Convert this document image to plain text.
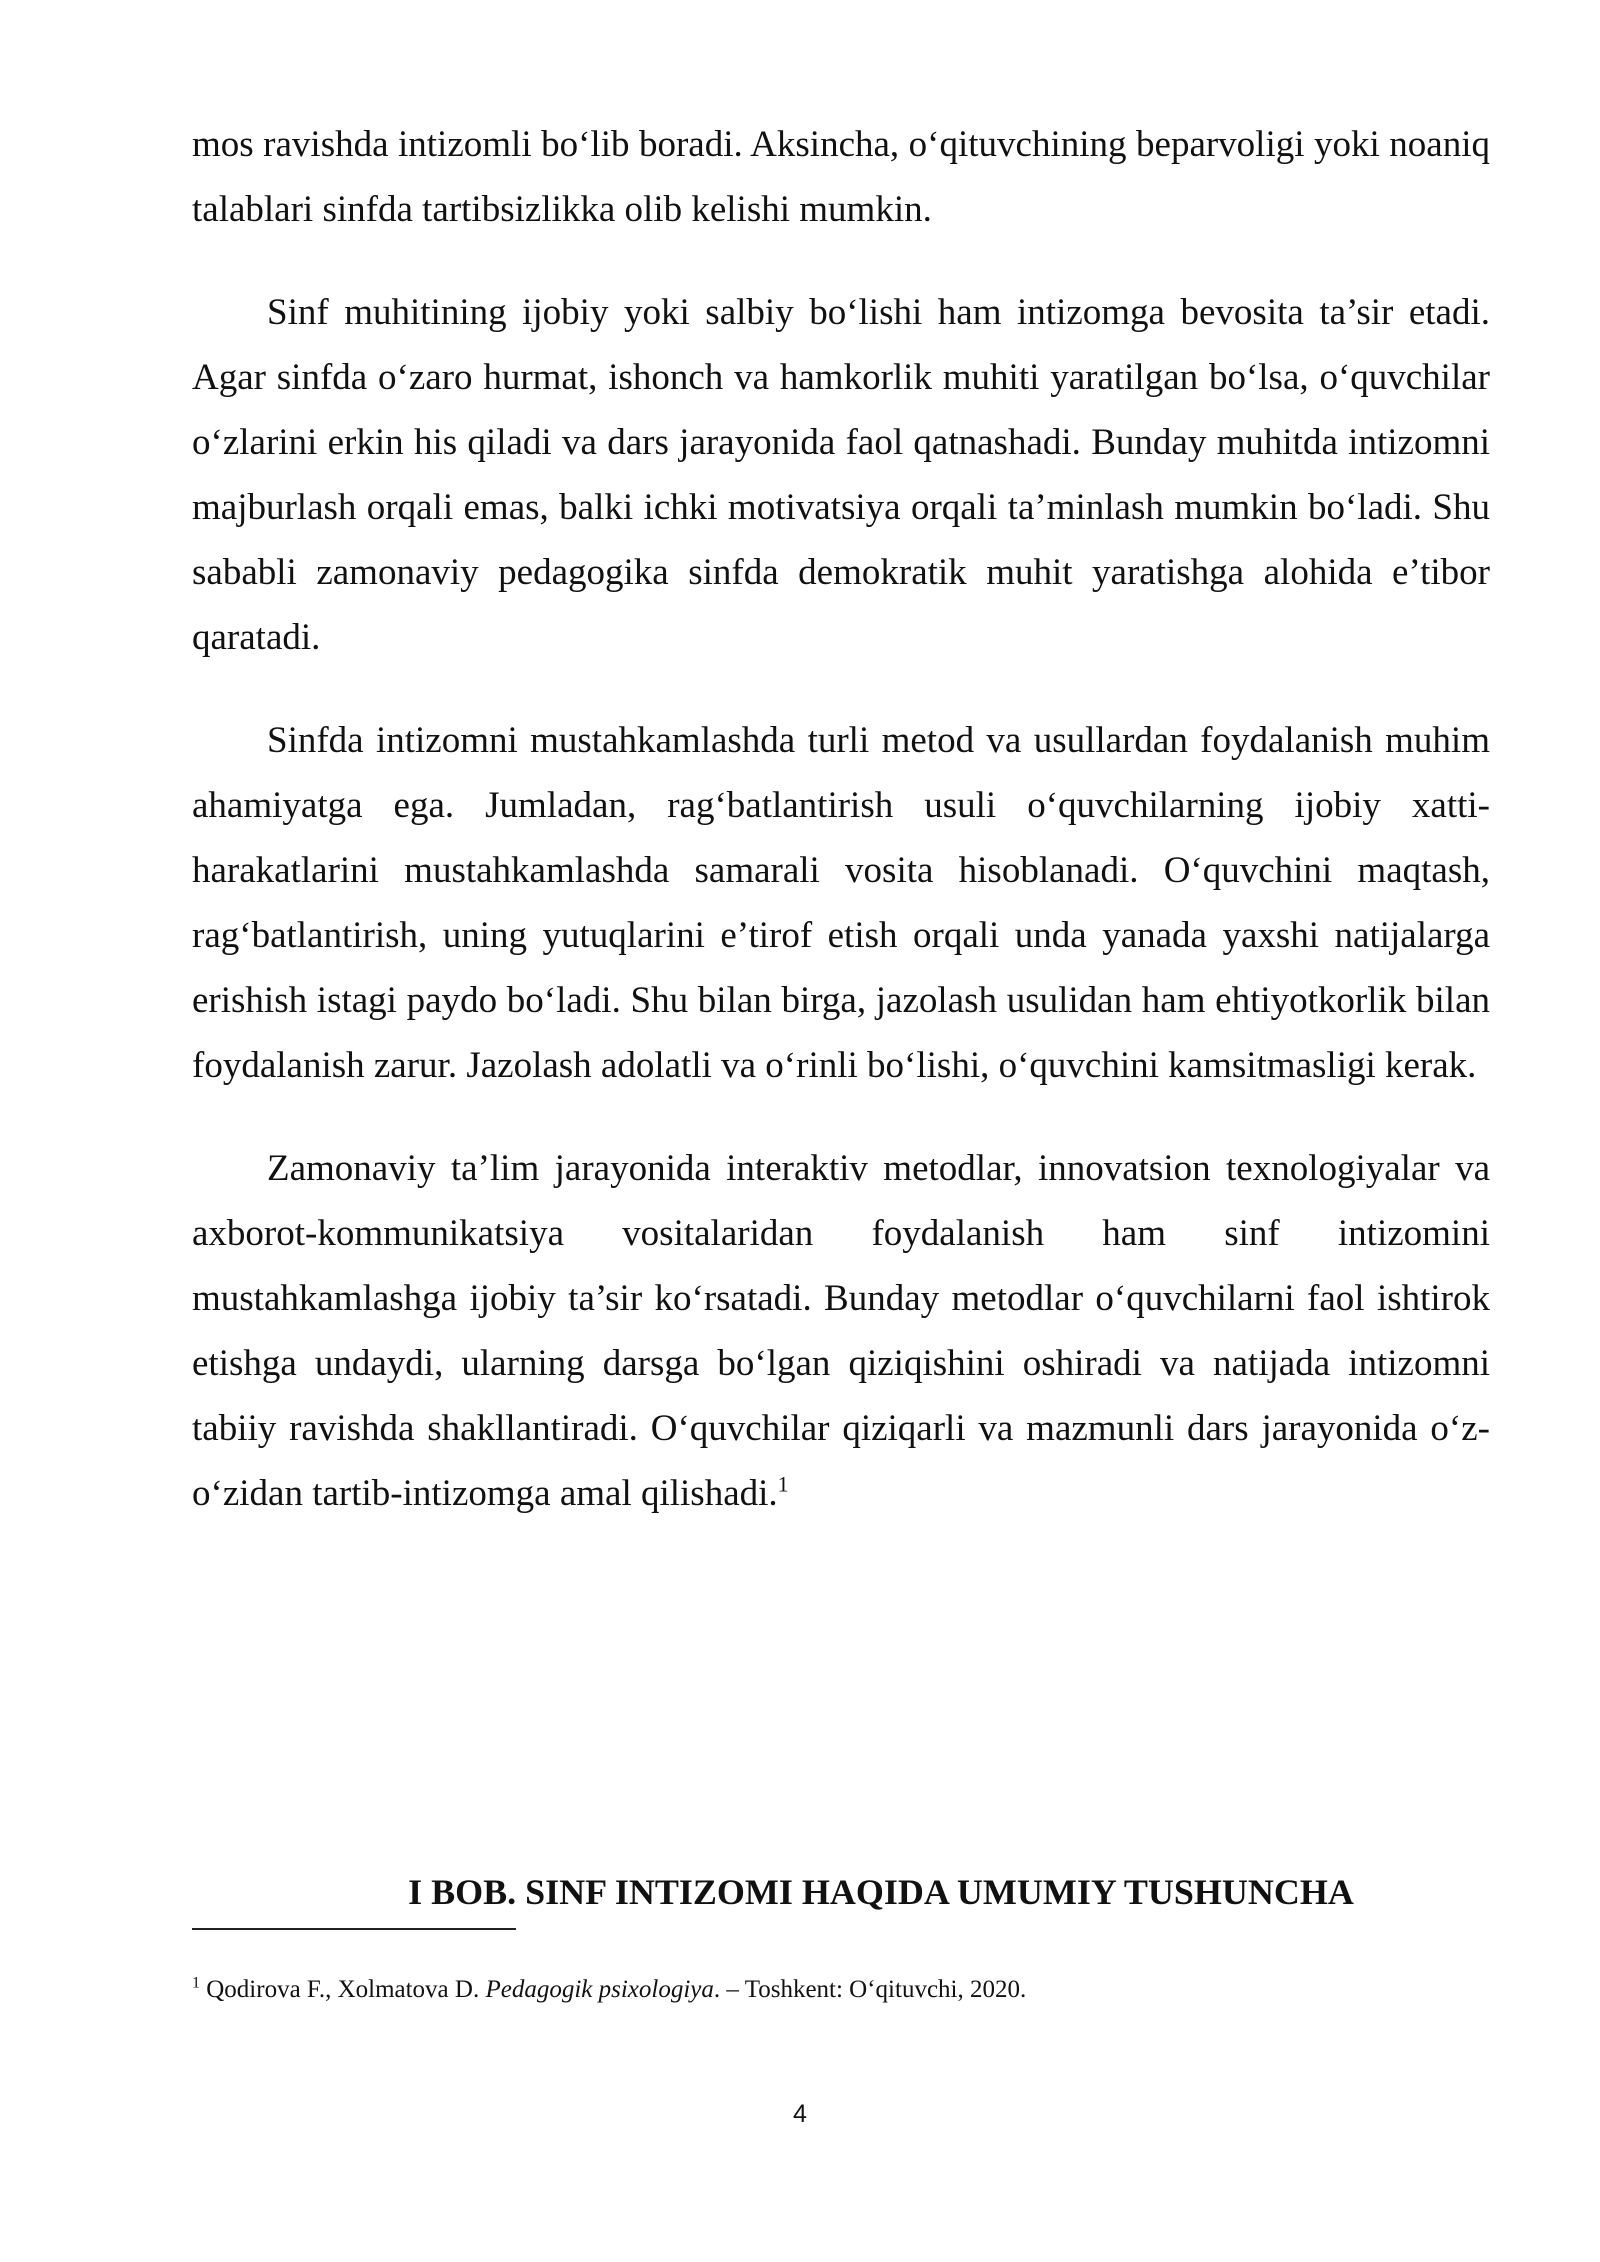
mos ravishda intizomli bo‘lib boradi. Aksincha, o‘qituvchining beparvoligi yoki noaniq talablari sinfda tartibsizlikka olib kelishi mumkin.

Sinf muhitining ijobiy yoki salbiy bo‘lishi ham intizomga bevosita ta’sir etadi. Agar sinfda o‘zaro hurmat, ishonch va hamkorlik muhiti yaratilgan bo‘lsa, o‘quvchilar o‘zlarini erkin his qiladi va dars jarayonida faol qatnashadi. Bunday muhitda intizomni majburlash orqali emas, balki ichki motivatsiya orqali ta’minlash mumkin bo‘ladi. Shu sababli zamonaviy pedagogika sinfda demokratik muhit yaratishga alohida e’tibor qaratadi.

Sinfda intizomni mustahkamlashda turli metod va usullardan foydalanish muhim ahamiyatga ega. Jumladan, rag‘batlantirish usuli o‘quvchilarning ijobiy xatti-harakatlarini mustahkamlashda samarali vosita hisoblanadi. O‘quvchini maqtash, rag‘batlantirish, uning yutuqlarini e’tirof etish orqali unda yanada yaxshi natijalarga erishish istagi paydo bo‘ladi. Shu bilan birga, jazolash usulidan ham ehtiyotkorlik bilan foydalanish zarur. Jazolash adolatli va o‘rinli bo‘lishi, o‘quvchini kamsitmasligi kerak.

Zamonaviy ta’lim jarayonida interaktiv metodlar, innovatsion texnologiyalar va axborot-kommunikatsiya vositalaridan foydalanish ham sinf intizomini mustahkamlashga ijobiy ta’sir ko‘rsatadi. Bunday metodlar o‘quvchilarni faol ishtirok etishga undaydi, ularning darsga bo‘lgan qiziqishini oshiradi va natijada intizomni tabiiy ravishda shakllantiradi. O‘quvchilar qiziqarli va mazmunli dars jarayonida o‘z-o‘zidan tartib-intizomga amal qilishadi.$^1$

I BOB. SINF INTIZOMI HAQIDA UMUMIY TUSHUNCHA

$^1$ Qodirova F., Xolmatova D. Pedagogik psixologiya. – Toshkent: O‘qituvchi, 2020.

4
